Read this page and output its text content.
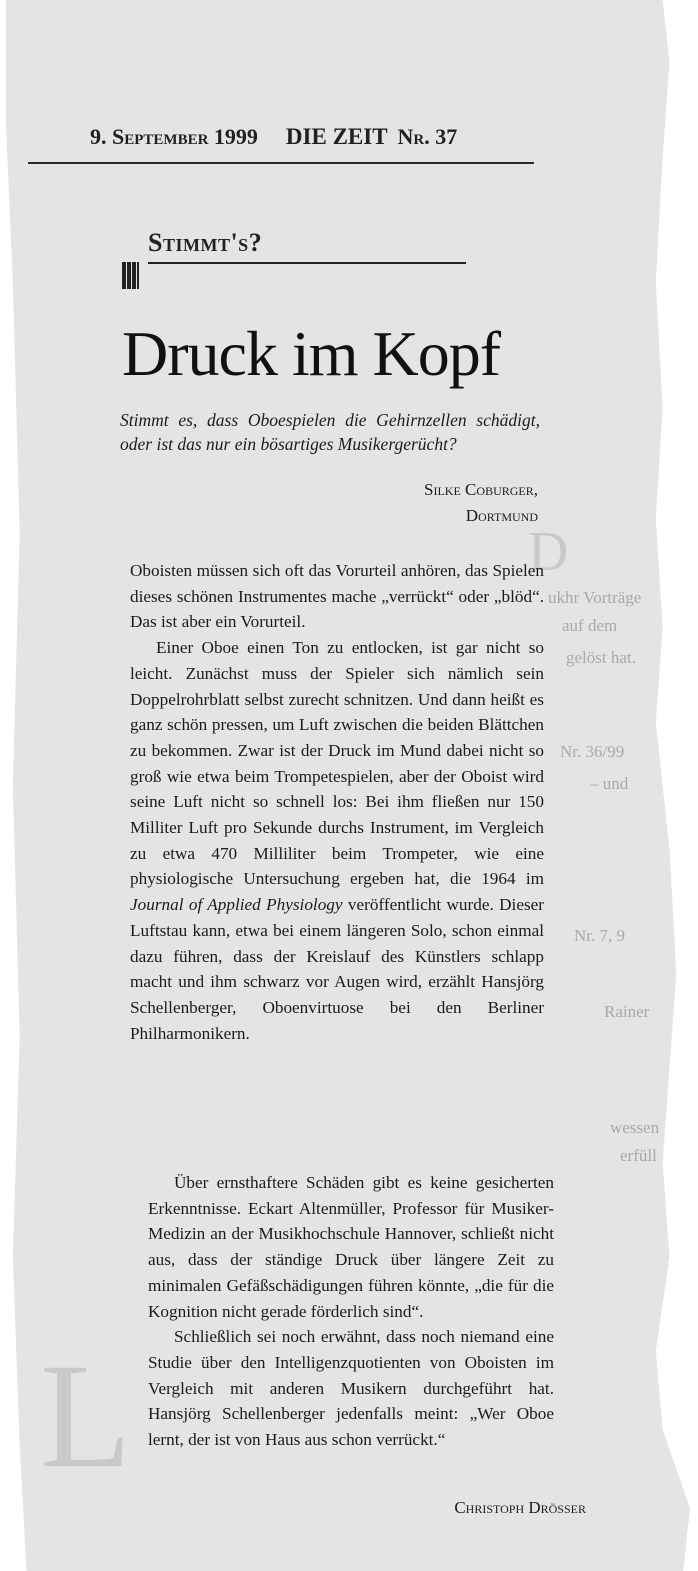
D
L
ukhr Vorträge
auf dem
gelöst hat.
Nr. 36/99
– und
Nr. 7, 9
Rainer
wessen
erfüll
9. September 1999 DIE ZEIT Nr. 37
Stimmt's?
Druck im Kopf
Stimmt es, dass Oboespielen die Gehirnzellen schädigt, oder ist das nur ein bösartiges Musikergerücht?
Silke Coburger,
Dortmund

Oboisten müssen sich oft das Vorurteil anhören, das Spielen dieses schönen Instrumentes mache „verrückt“ oder „blöd“. Das ist aber ein Vorurteil.

Einer Oboe einen Ton zu entlocken, ist gar nicht so leicht. Zunächst muss der Spieler sich nämlich sein Doppelrohrblatt selbst zurecht schnitzen. Und dann heißt es ganz schön pressen, um Luft zwischen die beiden Blättchen zu bekommen. Zwar ist der Druck im Mund dabei nicht so groß wie etwa beim Trompetespielen, aber der Oboist wird seine Luft nicht so schnell los: Bei ihm fließen nur 150 Milliter Luft pro Sekunde durchs Instrument, im Vergleich zu etwa 470 Milliliter beim Trompeter, wie eine physiologische Untersuchung ergeben hat, die 1964 im Journal of Applied Physiology veröffentlicht wurde. Dieser Luftstau kann, etwa bei einem längeren Solo, schon einmal dazu führen, dass der Kreislauf des Künstlers schlapp macht und ihm schwarz vor Augen wird, erzählt Hansjörg Schellenberger, Oboenvirtuose bei den Berliner Philharmonikern.

Über ernsthaftere Schäden gibt es keine gesicherten Erkenntnisse. Eckart Altenmüller, Professor für Musiker-Medizin an der Musikhochschule Hannover, schließt nicht aus, dass der ständige Druck über längere Zeit zu minimalen Gefäßschädigungen führen könnte, „die für die Kognition nicht gerade förderlich sind“.

Schließlich sei noch erwähnt, dass noch niemand eine Studie über den Intelligenzquotienten von Oboisten im Vergleich mit anderen Musikern durchgeführt hat. Hansjörg Schellenberger jedenfalls meint: „Wer Oboe lernt, der ist von Haus aus schon verrückt.“

Christoph Drösser
